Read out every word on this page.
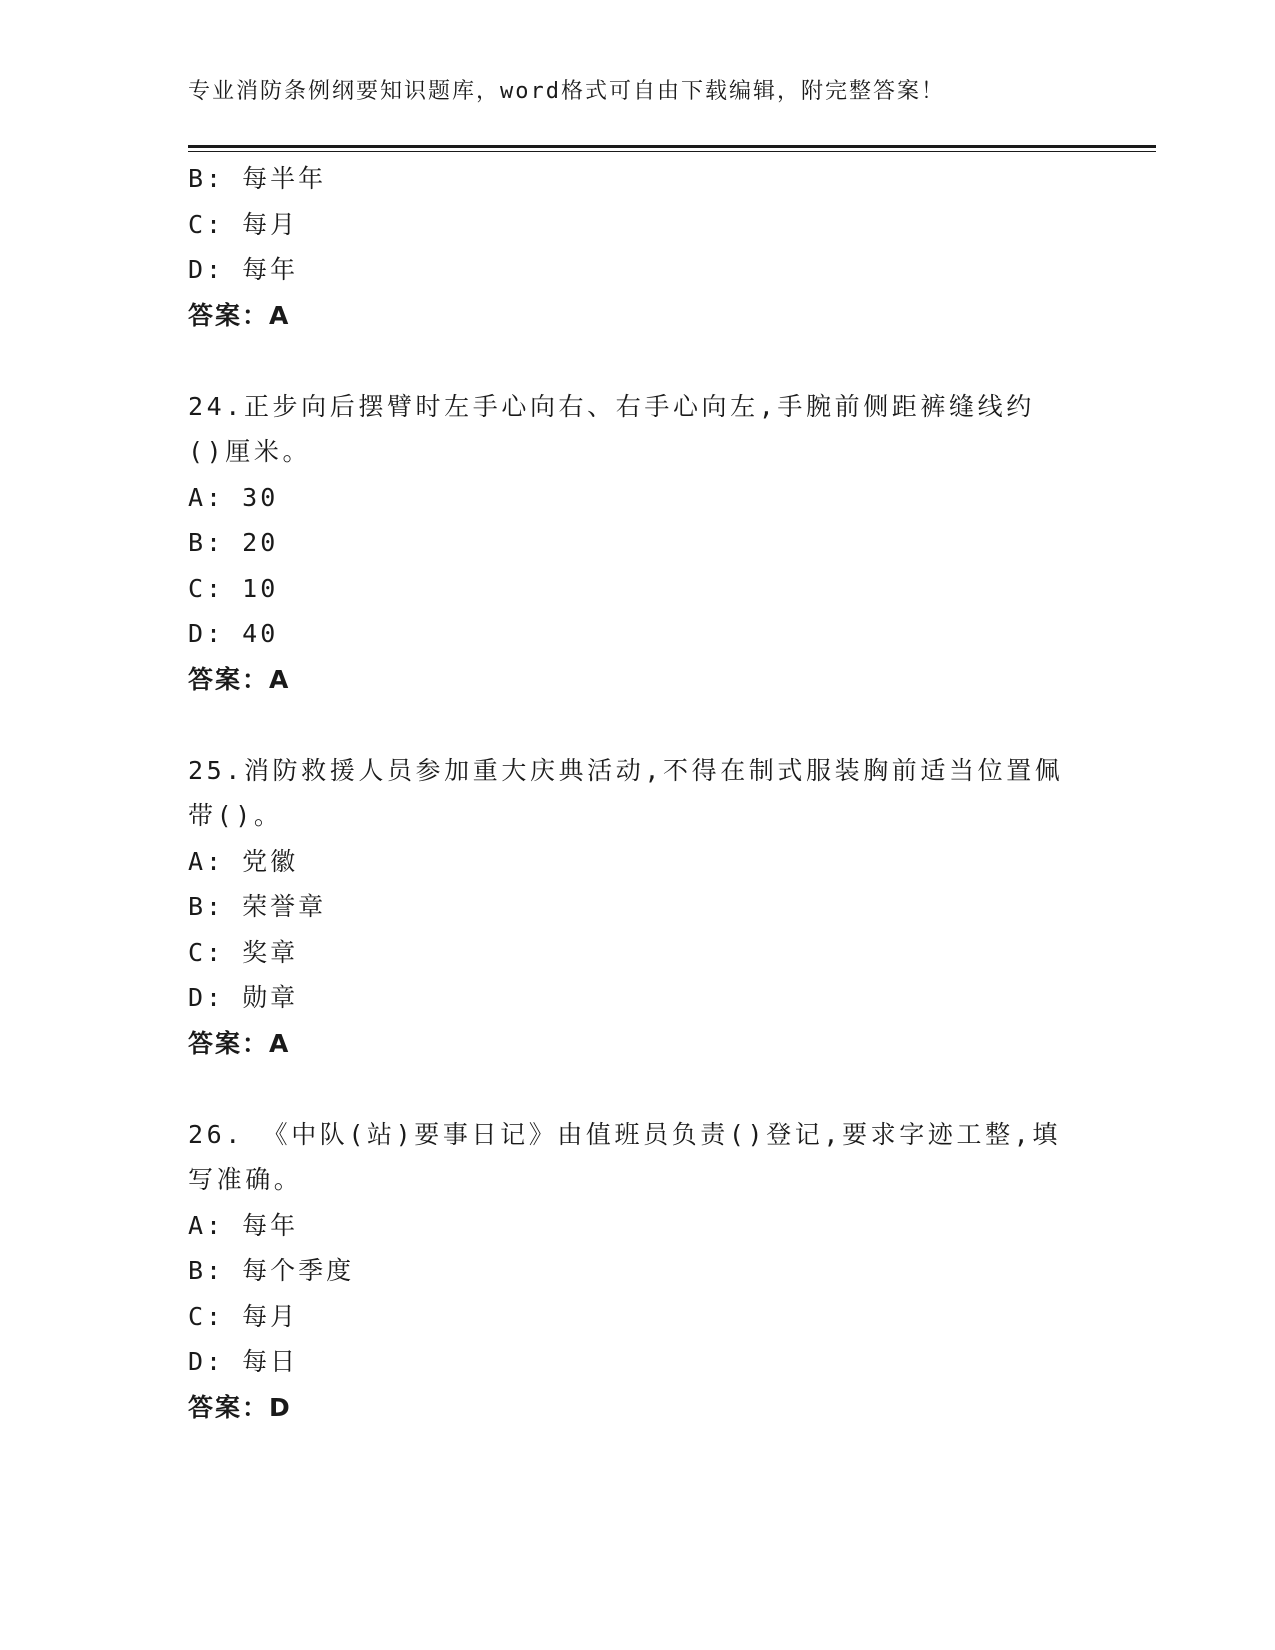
专业消防条例纲要知识题库，word格式可自由下载编辑，附完整答案！
B: 每半年
C: 每月
D: 每年
答案：A
24.正步向后摆臂时左手心向右、右手心向左,手腕前侧距裤缝线约()厘米。
A: 30
B: 20
C: 10
D: 40
答案：A
25.消防救援人员参加重大庆典活动,不得在制式服装胸前适当位置佩带()。
A: 党徽
B: 荣誉章
C: 奖章
D: 勋章
答案：A
26. 《中队(站)要事日记》由值班员负责()登记,要求字迹工整,填写准确。
A: 每年
B: 每个季度
C: 每月
D: 每日
答案：D
